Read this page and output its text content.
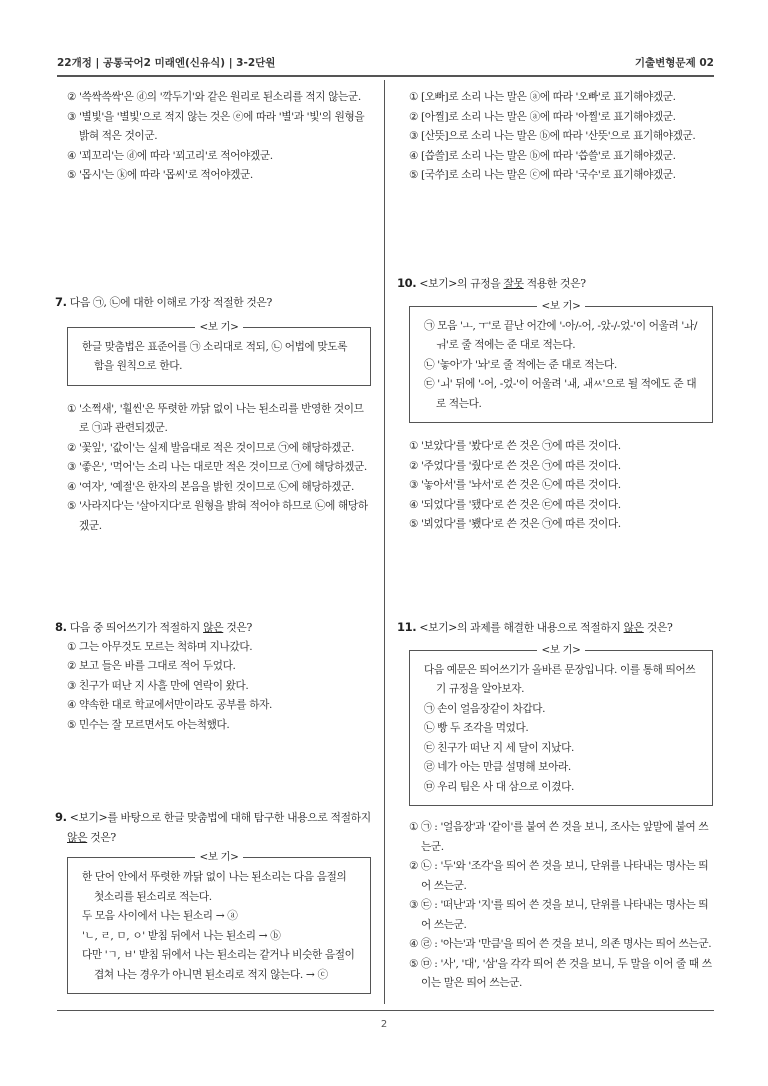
22개정 | 공통국어2 미래엔(신유식) | 3-2단원	기출변형문제 02
2
② '쓱싹쓱싹'은 ⓓ의 '깍두기'와 같은 원리로 된소리를 적지 않는군.
③ '별빛'을 '별빛'으로 적지 않는 것은 ⓔ에 따라 '별'과 '빛'의 원형을 밝혀 적은 것이군.
④ '꾀꼬리'는 ⓓ에 따라 '꾀고리'로 적어야겠군.
⑤ '몹시'는 ⓚ에 따라 '몹씨'로 적어야겠군.
7. 다음 ㉠, ㉡에 대한 이해로 가장 적절한 것은?
<보 기>
한글 맞춤법은 표준어를 ㉠ 소리대로 적되, ㉡ 어법에 맞도록 함을 원칙으로 한다.
① '소쩍새', '훨씬'은 뚜렷한 까닭 없이 나는 된소리를 반영한 것이므로 ㉠과 관련되겠군.
② '꽃잎', '값이'는 실제 발음대로 적은 것이므로 ㉠에 해당하겠군.
③ '좋은', '먹어'는 소리 나는 대로만 적은 것이므로 ㉠에 해당하겠군.
④ '여자', '예절'은 한자의 본음을 밝힌 것이므로 ㉡에 해당하겠군.
⑤ '사라지다'는 '살아지다'로 원형을 밝혀 적어야 하므로 ㉡에 해당하겠군.
8. 다음 중 띄어쓰기가 적절하지 않은 것은?
① 그는 아무것도 모르는 척하며 지나갔다.
② 보고 들은 바를 그대로 적어 두었다.
③ 친구가 떠난 지 사흘 만에 연락이 왔다.
④ 약속한 대로 학교에서만이라도 공부를 하자.
⑤ 민수는 잘 모르면서도 아는척했다.
9. <보기>를 바탕으로 한글 맞춤법에 대해 탐구한 내용으로 적절하지 않은 것은?
<보 기>
한 단어 안에서 뚜렷한 까닭 없이 나는 된소리는 다음 음절의 첫소리를 된소리로 적는다.
두 모음 사이에서 나는 된소리 → ⓐ
'ㄴ, ㄹ, ㅁ, ㅇ' 받침 뒤에서 나는 된소리 → ⓑ
다만 'ㄱ, ㅂ' 받침 뒤에서 나는 된소리는 같거나 비슷한 음절이 겹쳐 나는 경우가 아니면 된소리로 적지 않는다. → ⓒ
① [오빠]로 소리 나는 말은 ⓐ에 따라 '오빠'로 표기해야겠군.
② [아찔]로 소리 나는 말은 ⓐ에 따라 '아찔'로 표기해야겠군.
③ [산뜻]으로 소리 나는 말은 ⓑ에 따라 '산뜻'으로 표기해야겠군.
④ [씁쓸]로 소리 나는 말은 ⓑ에 따라 '씁쓸'로 표기해야겠군.
⑤ [국쑤]로 소리 나는 말은 ⓒ에 따라 '국수'로 표기해야겠군.
10. <보기>의 규정을 잘못 적용한 것은?
<보 기>
㉠ 모음 'ㅗ, ㅜ'로 끝난 어간에 '-아/-어, -았-/-었-'이 어울려 'ㅘ/ㅝ'로 줄 적에는 준 대로 적는다.
㉡ '놓아'가 '놔'로 줄 적에는 준 대로 적는다.
㉢ 'ㅚ' 뒤에 '-어, -었-'이 어울려 'ㅙ, ㅙㅆ'으로 될 적에도 준 대로 적는다.
① '보았다'를 '봤다'로 쓴 것은 ㉠에 따른 것이다.
② '주었다'를 '줬다'로 쓴 것은 ㉠에 따른 것이다.
③ '놓아서'를 '놔서'로 쓴 것은 ㉡에 따른 것이다.
④ '되었다'를 '됐다'로 쓴 것은 ㉢에 따른 것이다.
⑤ '뵈었다'를 '뵀다'로 쓴 것은 ㉠에 따른 것이다.
11. <보기>의 과제를 해결한 내용으로 적절하지 않은 것은?
<보 기>
다음 예문은 띄어쓰기가 올바른 문장입니다. 이를 통해 띄어쓰기 규정을 알아보자.
㉠ 손이 얼음장같이 차갑다.
㉡ 빵 두 조각을 먹었다.
㉢ 친구가 떠난 지 세 달이 지났다.
㉣ 네가 아는 만큼 설명해 보아라.
㉤ 우리 팀은 사 대 삼으로 이겼다.
① ㉠ : '얼음장'과 '같이'를 붙여 쓴 것을 보니, 조사는 앞말에 붙여 쓰는군.
② ㉡ : '두'와 '조각'을 띄어 쓴 것을 보니, 단위를 나타내는 명사는 띄어 쓰는군.
③ ㉢ : '떠난'과 '지'를 띄어 쓴 것을 보니, 단위를 나타내는 명사는 띄어 쓰는군.
④ ㉣ : '아는'과 '만큼'을 띄어 쓴 것을 보니, 의존 명사는 띄어 쓰는군.
⑤ ㉤ : '사', '대', '삼'을 각각 띄어 쓴 것을 보니, 두 말을 이어 줄 때 쓰이는 말은 띄어 쓰는군.
